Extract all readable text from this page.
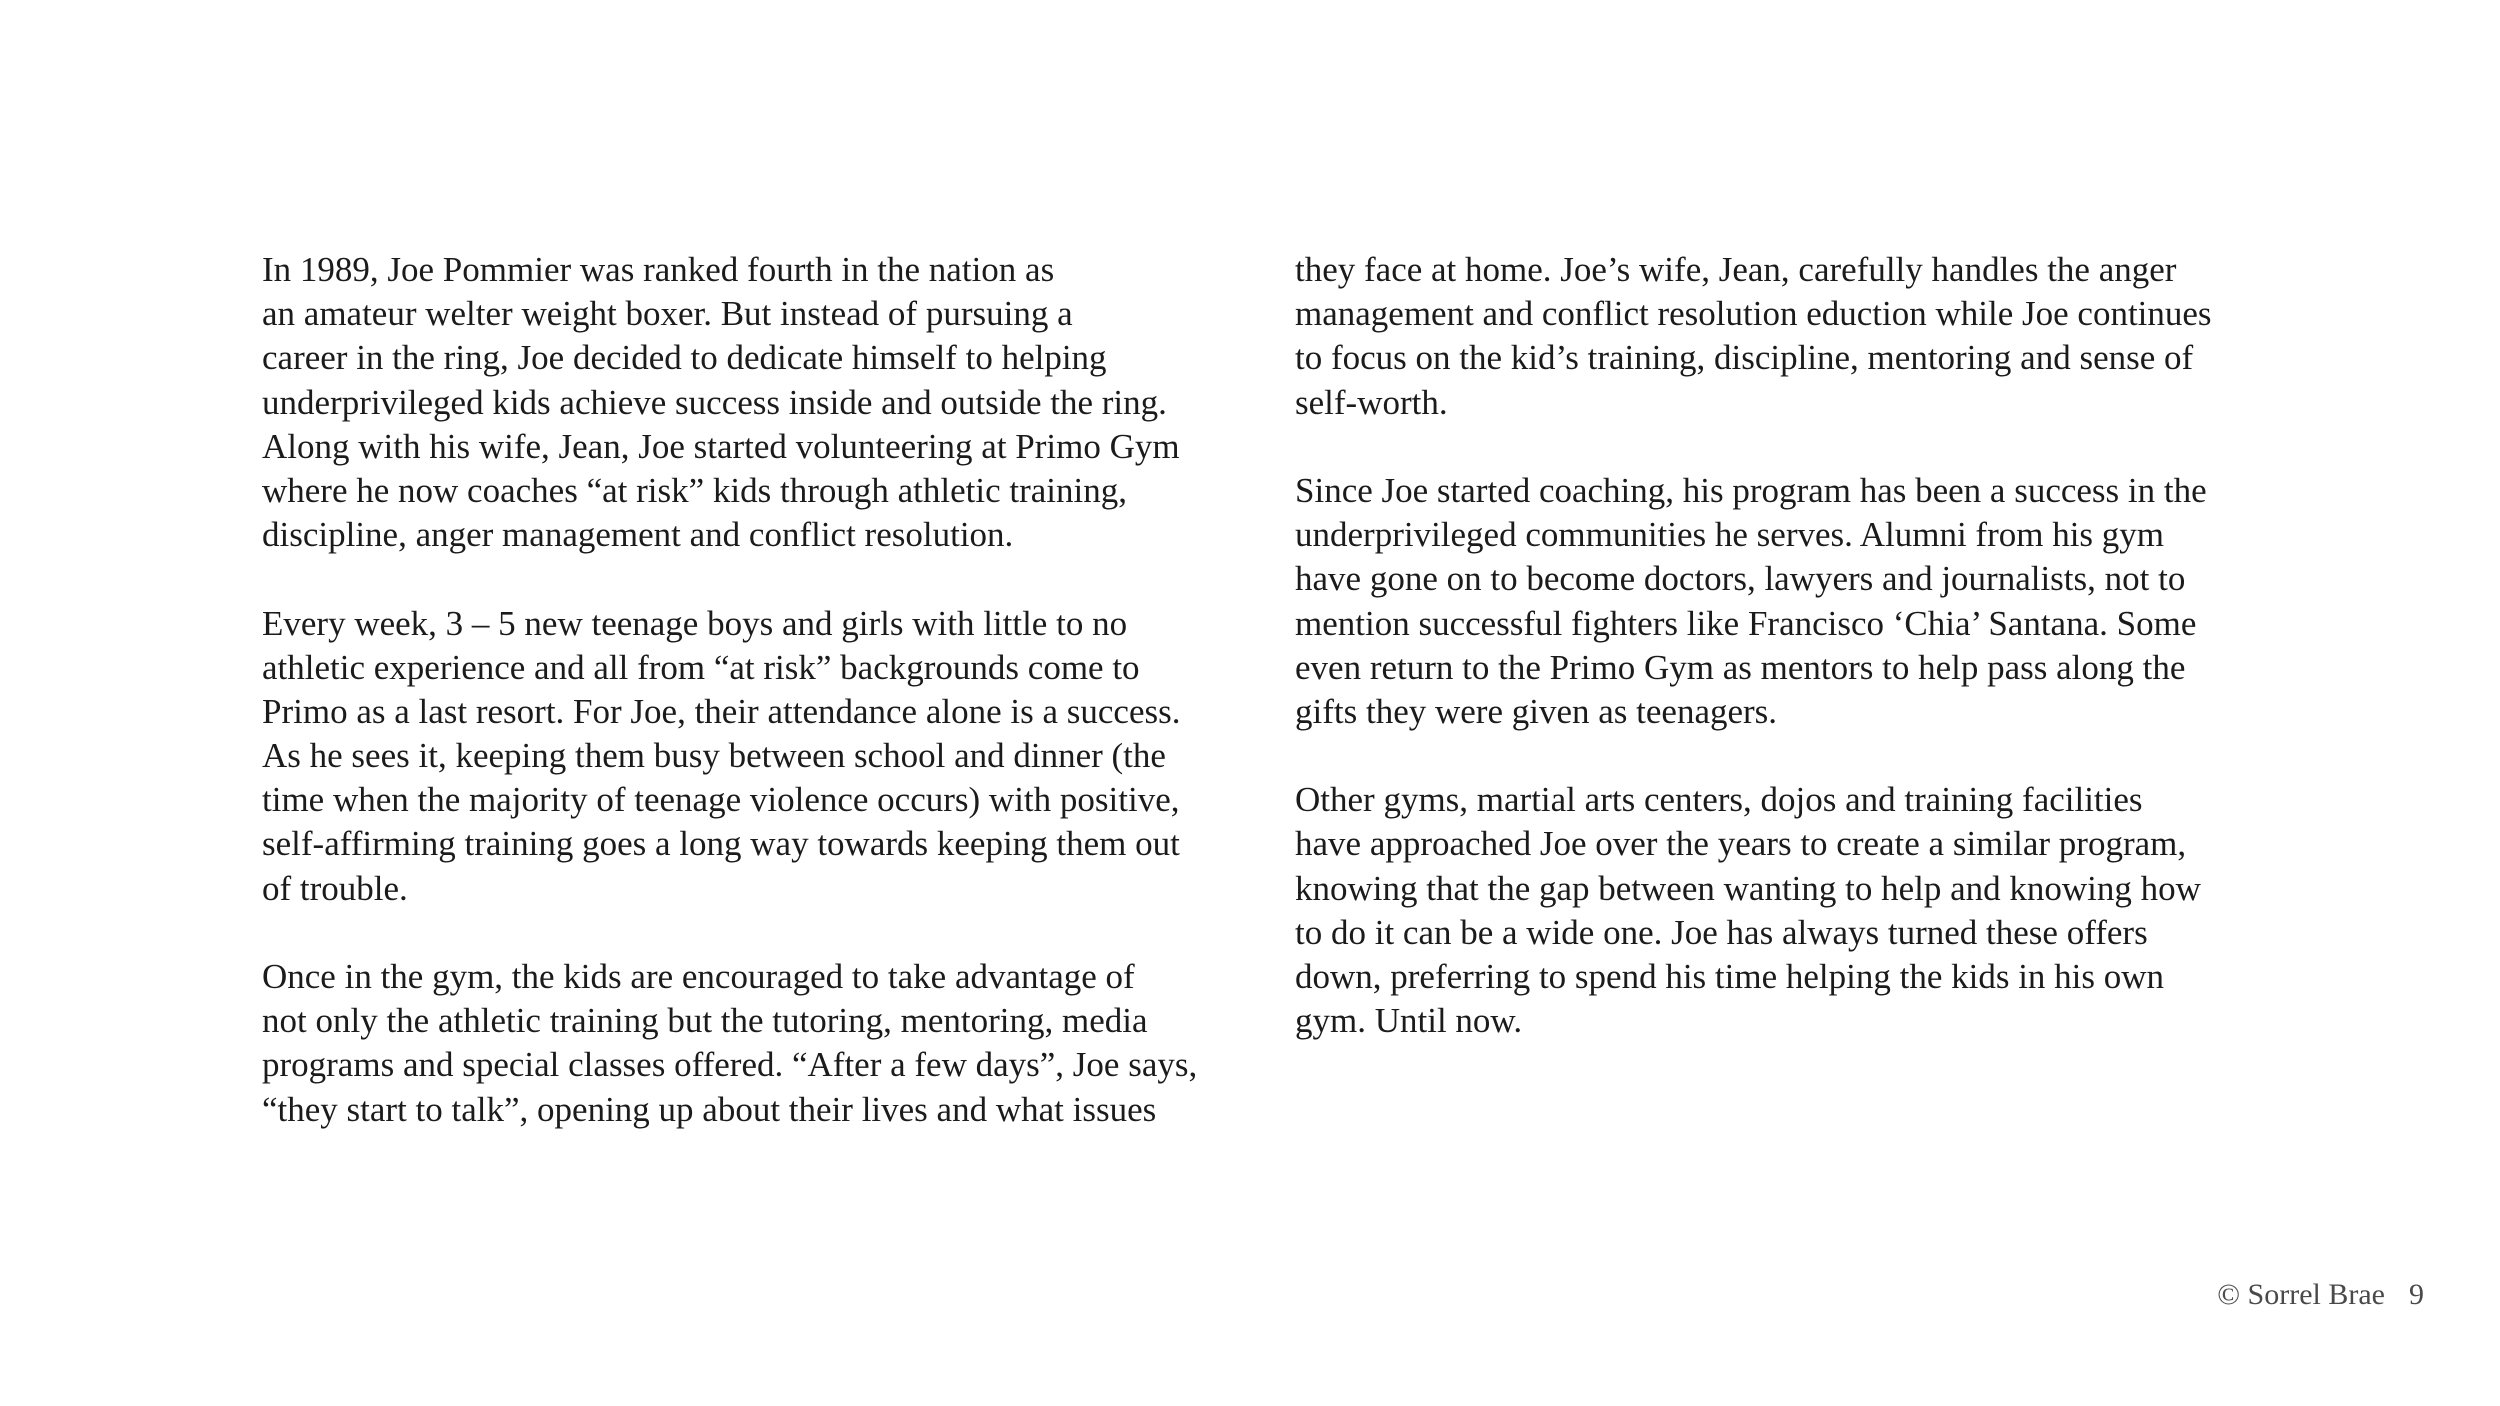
In 1989, Joe Pommier was ranked fourth in the nation as
an amateur welter weight boxer. But instead of pursuing a
career in the ring, Joe decided to dedicate himself to helping
underprivileged kids achieve success inside and outside the ring.
Along with his wife, Jean, Joe started volunteering at Primo Gym
where he now coaches “at risk” kids through athletic training,
discipline, anger management and conflict resolution.
Every week, 3 – 5 new teenage boys and girls with little to no
athletic experience and all from “at risk” backgrounds come to
Primo as a last resort. For Joe, their attendance alone is a success.
As he sees it, keeping them busy between school and dinner (the
time when the majority of teenage violence occurs) with positive,
self-affirming training goes a long way towards keeping them out
of trouble.
Once in the gym, the kids are encouraged to take advantage of
not only the athletic training but the tutoring, mentoring, media
programs and special classes offered. “After a few days”, Joe says,
“they start to talk”, opening up about their lives and what issues
they face at home. Joe’s wife, Jean, carefully handles the anger
management and conflict resolution eduction while Joe continues
to focus on the kid’s training, discipline, mentoring and sense of
self-worth.
Since Joe started coaching, his program has been a success in the
underprivileged communities he serves. Alumni from his gym
have gone on to become doctors, lawyers and journalists, not to
mention successful fighters like Francisco ‘Chia’ Santana. Some
even return to the Primo Gym as mentors to help pass along the
gifts they were given as teenagers.
Other gyms, martial arts centers, dojos and training facilities
have approached Joe over the years to create a similar program,
knowing that the gap between wanting to help and knowing how
to do it can be a wide one. Joe has always turned these offers
down, preferring to spend his time helping the kids in his own
gym. Until now.
© Sorrel Brae 9
